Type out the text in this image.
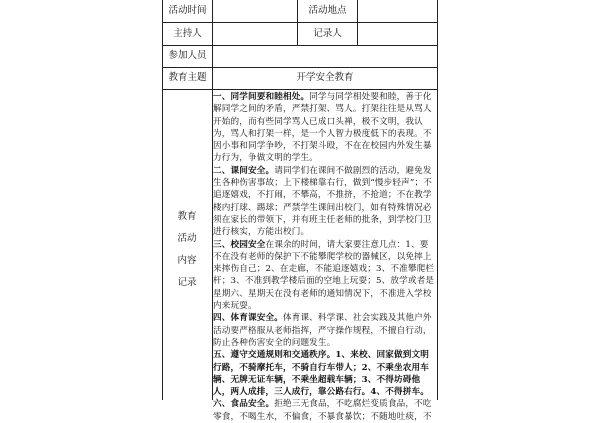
活动时间	活动地点
主持人	记录人
参加人员
教育主题	开学安全教育
教育
活动
内容
记录

一、同学间要和睦相处。同学与同学相处要和睦，善于化解同学之间的矛盾，严禁打架、骂人。打架往往是从骂人开始的，而有些同学骂人已成口头禅，极不文明，我认为，骂人和打架一样，是一个人智力极度低下的表现。不因小事和同学争吵，不打架斗殴，不在在校园内外发生暴力行为，争做文明的学生。

二、课间安全。请同学们在课间不做剧烈的活动，避免发生各种伤害事故；上下楼梯靠右行，做到“慢步轻声”；不追逐嬉戏，不打闹，不攀高，不推挤，不抢道；不在教学楼内打球、踢球；严禁学生课间出校门，如有特殊情况必须在家长的带领下，并有班主任老师的批条，到学校门卫进行核实，方能出校门。

三、校园安全在课余的时间，请大家要注意几点：1、要不在没有老师的保护下不能攀爬学校的器械区，以免摔上来摔伤自己；2、在走廊，不能追逐嬉戏；3、不准攀爬栏杆；3、不准到教学楼后面的空地上玩耍；5、放学或者是星期六、星期天在没有老师的通知情况下，不准进入学校内来玩耍。

四、体育课安全。体育课、科学课、社会实践及其他户外活动要严格服从老师指挥，严守操作规程，不擅自行动，防止各种伤害安全的问题发生。

五、遵守交通规则和交通秩序。1、来校、回家做到文明行路，不骑摩托车，不骑自行车带人；2、不乘坐农用车辆、无牌无证车辆，不乘坐超载车辆；3、不得坊碍他人，两人成排，三人成行，靠公路右行。4、不得拼车。

六、食品安全。拒绝三无食品，不吃腐烂变质食品，不吃零食，不喝生水，不偏食，不暴食暴饮；不随地吐痰，不
